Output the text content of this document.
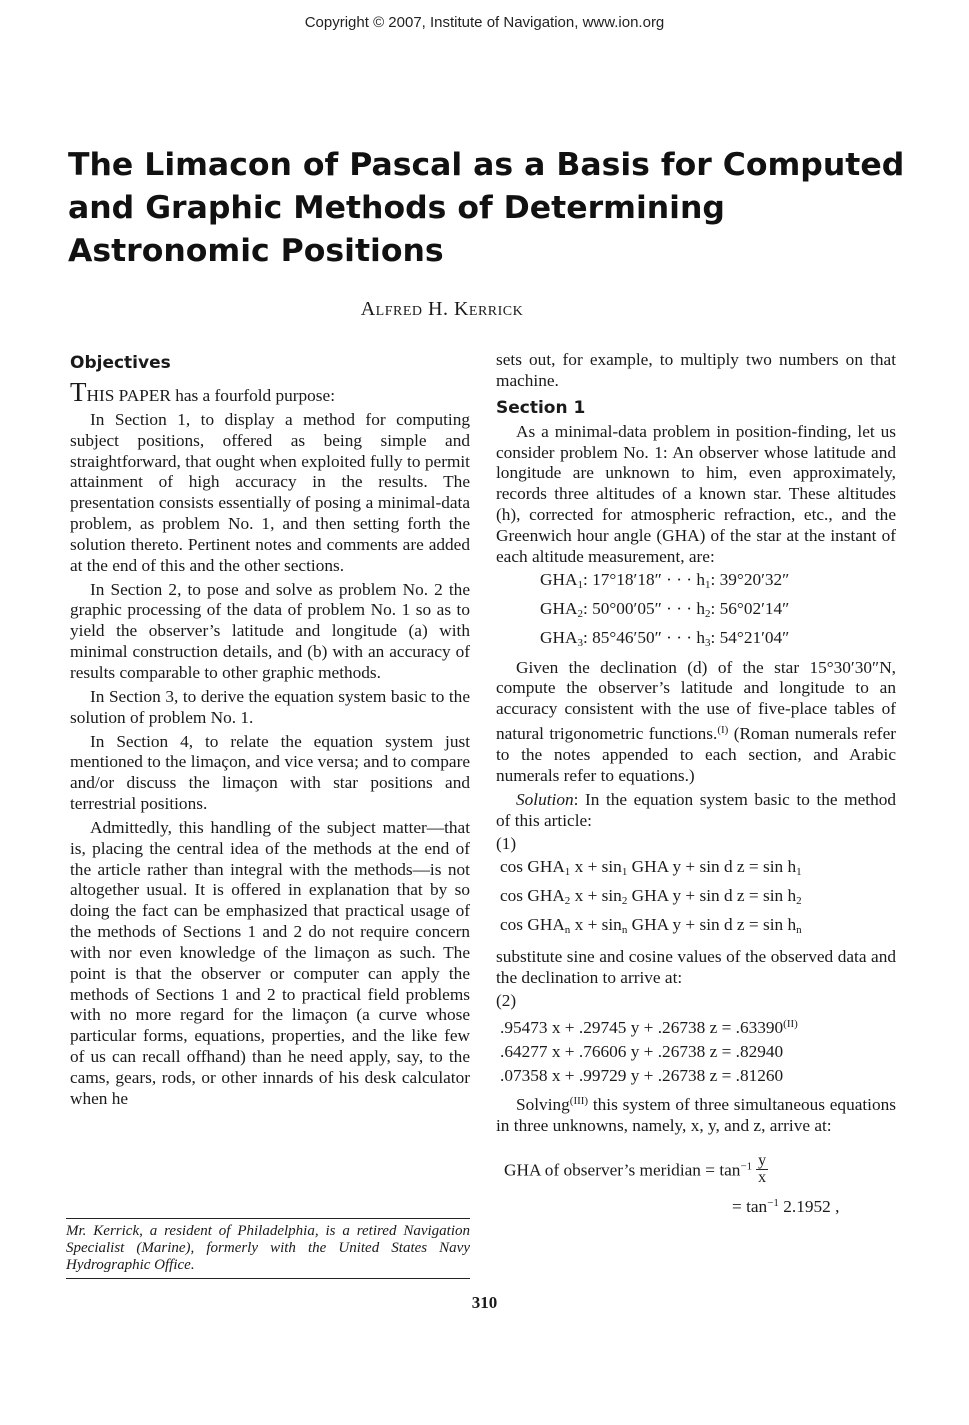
Copyright © 2007, Institute of Navigation, www.ion.org
The Limacon of Pascal as a Basis for Computed
and Graphic Methods of Determining
Astronomic Positions
Alfred H. Kerrick
Objectives

THIS PAPER has a fourfold purpose:

In Section 1, to display a method for computing subject positions, offered as being simple and straightforward, that ought when exploited fully to permit attainment of high accuracy in the results. The presentation consists essentially of posing a minimal-data problem, as problem No. 1, and then setting forth the solution thereto. Pertinent notes and comments are added at the end of this and the other sections.

In Section 2, to pose and solve as problem No. 2 the graphic processing of the data of problem No. 1 so as to yield the observer’s latitude and longitude (a) with minimal construction details, and (b) with an accuracy of results comparable to other graphic methods.

In Section 3, to derive the equation system basic to the solution of problem No. 1.

In Section 4, to relate the equation system just mentioned to the limaçon, and vice versa; and to compare and/or discuss the limaçon with star positions and terrestrial positions.

Admittedly, this handling of the subject matter—that is, placing the central idea of the methods at the end of the article rather than integral with the methods—is not altogether usual. It is offered in explanation that by so doing the fact can be emphasized that practical usage of the methods of Sections 1 and 2 do not require concern with nor even knowledge of the limaçon as such. The point is that the observer or computer can apply the methods of Sections 1 and 2 to practical field problems with no more regard for the limaçon (a curve whose particular forms, equations, properties, and the like few of us can recall offhand) than he need apply, say, to the cams, gears, rods, or other innards of his desk calculator when he

Mr. Kerrick, a resident of Philadelphia, is a retired Navigation Specialist (Marine), formerly with the United States Navy Hydrographic Office.

sets out, for example, to multiply two numbers on that machine.

Section 1

As a minimal-data problem in position-finding, let us consider problem No. 1: An observer whose latitude and longitude are unknown to him, even approximately, records three altitudes of a known star. These altitudes (h), corrected for atmospheric refraction, etc., and the Greenwich hour angle (GHA) of the star at the instant of each altitude measurement, are:

$GHA_1$: 17°18′18″ · · · $h_1$: 39°20′32″
$GHA_2$: 50°00′05″ · · · $h_2$: 56°02′14″
$GHA_3$: 85°46′50″ · · · $h_3$: 54°21′04″

Given the declination (d) of the star 15°30′30″N, compute the observer’s latitude and longitude to an accuracy consistent with the use of five-place tables of natural trigonometric functions.$^{(I)}$ (Roman numerals refer to the notes appended to each section, and Arabic numerals refer to equations.)

Solution: In the equation system basic to the method of this article:

(1)
$\cos GHA_1$ $x + \sin_1$ GHA y + sin d $z = \sin h_1$
$\cos GHA_2$ $x + \sin_2$ GHA y + sin d $z = \sin h_2$
$\cos GHA_n$ $x + \sin_n$ GHA y + sin d $z = \sin h_n$

substitute sine and cosine values of the observed data and the declination to arrive at:

(2)
.95473 x + .29745 y + .26738 $z = .63390^{(II)}$
.64277 x + .76606 y + .26738 z = .82940
.07358 x + .99729 y + .26738 z = .81260

Solving$^{(III)}$ this system of three simultaneous equations in three unknowns, namely, x, y, and z, arrive at:

GHA of observer’s meridian = $\tan^{-1} \frac{y}{x}$
= $\tan^{-1} 2.1952$ ,
310
